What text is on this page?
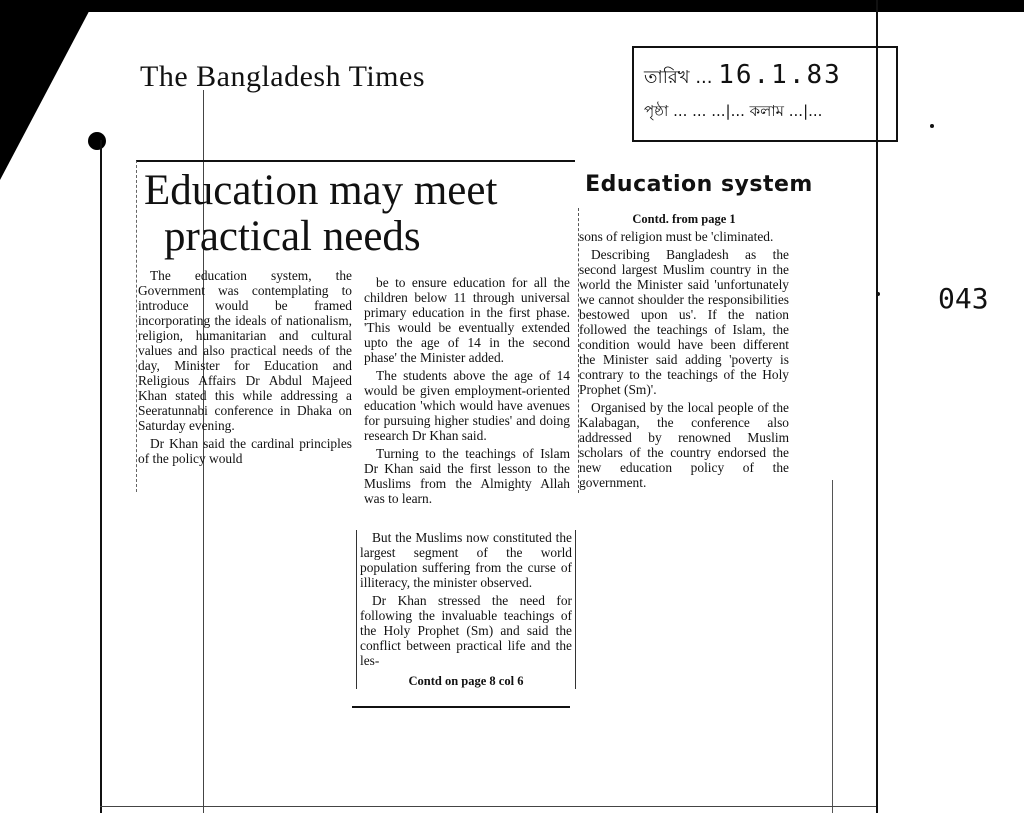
The Bangladesh Times	তারিখ ... 16.1.83
পৃষ্ঠা ... ... ...|... কলাম ...|...
043
Education may meet
practical needs

The education system, the Government was contemplating to introduce would be framed incorporating the ideals of nationalism, religion, humanitarian and cultural values and also practical needs of the day, Minister for Education and Religious Affairs Dr Abdul Majeed Khan stated this while addressing a Seeratunnabi conference in Dhaka on Saturday evening.

Dr Khan said the cardinal principles of the policy would

be to ensure education for all the children below 11 through universal primary education in the first phase. 'This would be eventually extended upto the age of 14 in the second phase' the Minister added.

The students above the age of 14 would be given employment-oriented education 'which would have avenues for pursuing higher studies' and doing research Dr Khan said.

Turning to the teachings of Islam Dr Khan said the first lesson to the Muslims from the Almighty Allah was to learn.

But the Muslims now constituted the largest segment of the world population suffering from the curse of illiteracy, the minister observed.

Dr Khan stressed the need for following the invaluable teachings of the Holy Prophet (Sm) and said the conflict between practical life and the les-

Contd on page 8 col 6
Education system
Contd. from page 1

sons of religion must be 'climinated.

Describing Bangladesh as the second largest Muslim country in the world the Minister said 'unfortunately we cannot shoulder the responsibilities bestowed upon us'. If the nation followed the teachings of Islam, the condition would have been different the Minister said adding 'poverty is contrary to the teachings of the Holy Prophet (Sm)'.

Organised by the local people of the Kalabagan, the conference also addressed by renowned Muslim scholars of the country endorsed the new education policy of the government.
